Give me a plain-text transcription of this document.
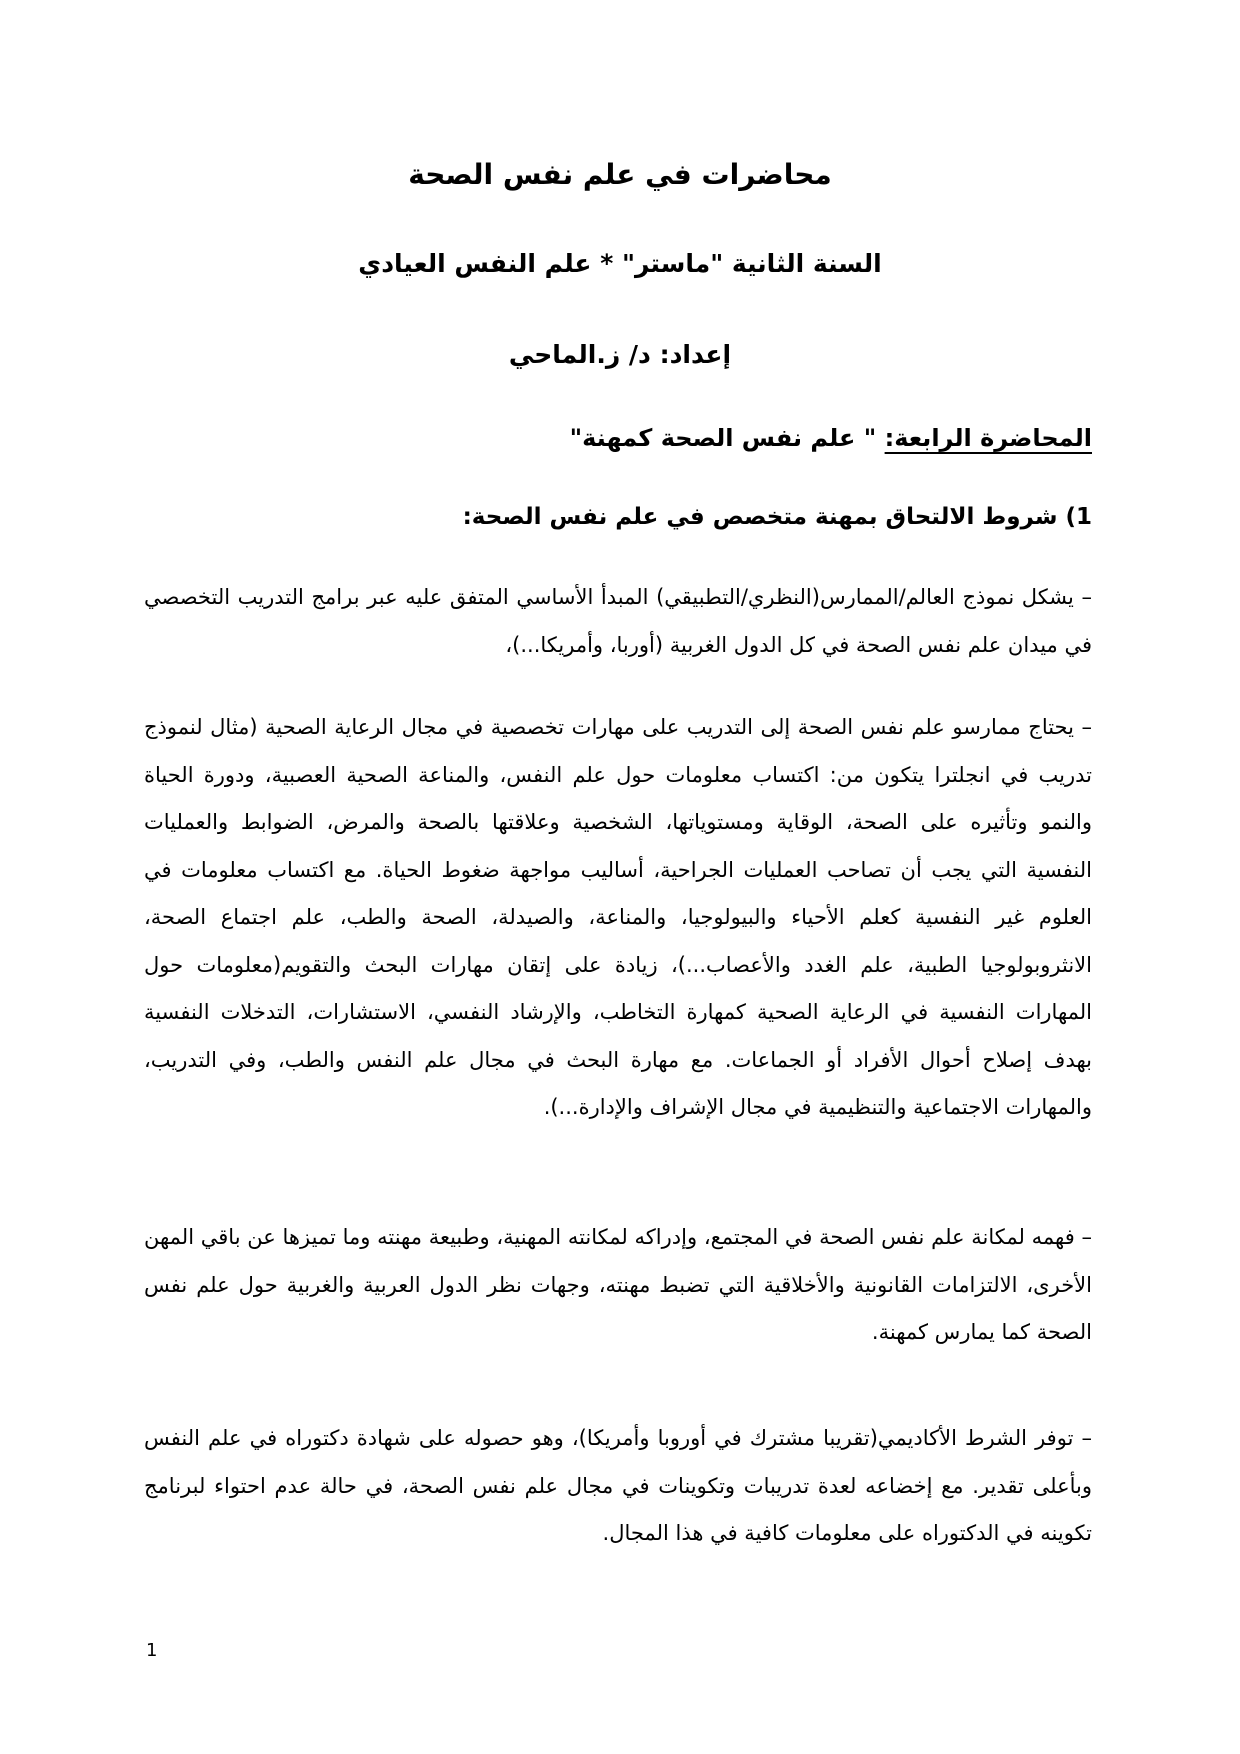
محاضرات في علم نفس الصحة
السنة الثانية "ماستر" * علم النفس العيادي
إعداد: د/ ز.الماحي
المحاضرة الرابعة: " علم نفس الصحة كمهنة"
1) شروط الالتحاق بمهنة متخصص في علم نفس الصحة:

– يشكل نموذج العالم/الممارس(النظري/التطبيقي) المبدأ الأساسي المتفق عليه عبر برامج التدريب التخصصي في ميدان علم نفس الصحة في كل الدول الغربية (أوربا، وأمريكا...)،

– يحتاج ممارسو علم نفس الصحة إلى التدريب على مهارات تخصصية في مجال الرعاية الصحية (مثال لنموذج تدريب في انجلترا يتكون من: اكتساب معلومات حول علم النفس، والمناعة الصحية العصبية، ودورة الحياة والنمو وتأثيره على الصحة، الوقاية ومستوياتها، الشخصية وعلاقتها بالصحة والمرض، الضوابط والعمليات النفسية التي يجب أن تصاحب العمليات الجراحية، أساليب مواجهة ضغوط الحياة. مع اكتساب معلومات في العلوم غير النفسية كعلم الأحياء والبيولوجيا، والمناعة، والصيدلة، الصحة والطب، علم اجتماع الصحة، الانثروبولوجيا الطبية، علم الغدد والأعصاب...)، زيادة على إتقان مهارات البحث والتقويم(معلومات حول المهارات النفسية في الرعاية الصحية كمهارة التخاطب، والإرشاد النفسي، الاستشارات، التدخلات النفسية بهدف إصلاح أحوال الأفراد أو الجماعات. مع مهارة البحث في مجال علم النفس والطب، وفي التدريب، والمهارات الاجتماعية والتنظيمية في مجال الإشراف والإدارة...).

– فهمه لمكانة علم نفس الصحة في المجتمع، وإدراكه لمكانته المهنية، وطبيعة مهنته وما تميزها عن باقي المهن الأخرى، الالتزامات القانونية والأخلاقية التي تضبط مهنته، وجهات نظر الدول العربية والغربية حول علم نفس الصحة كما يمارس كمهنة.

– توفر الشرط الأكاديمي(تقريبا مشترك في أوروبا وأمريكا)، وهو حصوله على شهادة دكتوراه في علم النفس وبأعلى تقدير. مع إخضاعه لعدة تدريبات وتكوينات في مجال علم نفس الصحة، في حالة عدم احتواء لبرنامج تكوينه في الدكتوراه على معلومات كافية في هذا المجال.

1
